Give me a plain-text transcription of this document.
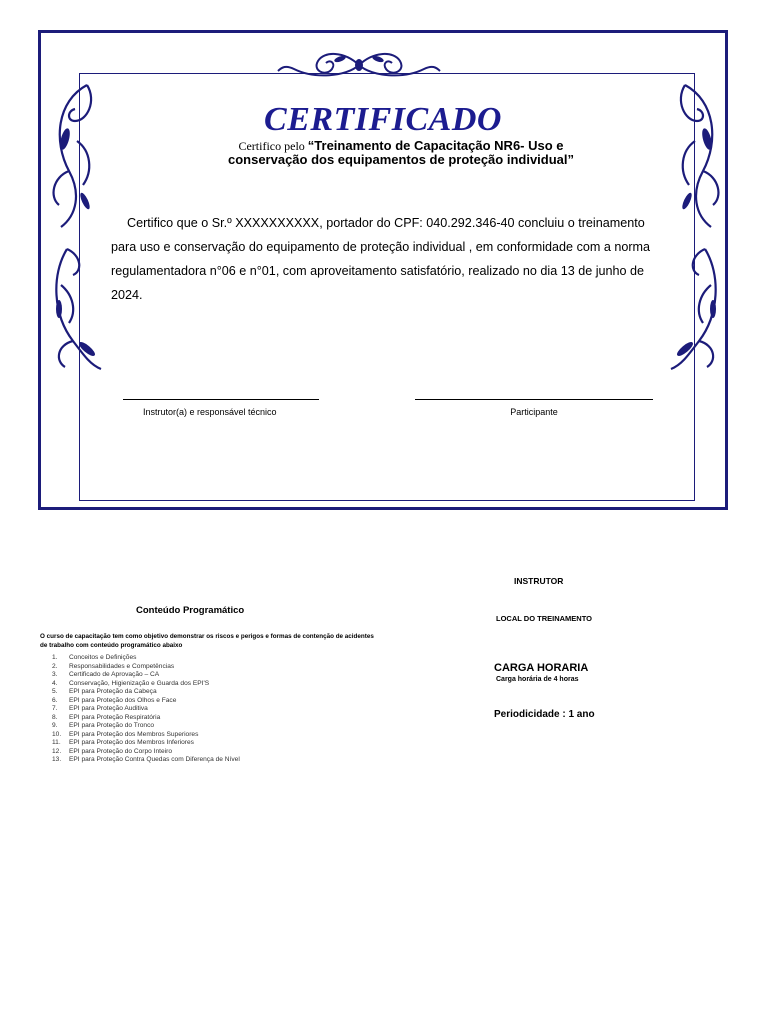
CERTIFICADO
Certifico pelo “Treinamento de Capacitação NR6- Uso e conservação dos equipamentos de proteção individual”

Certifico que o Sr.º XXXXXXXXXX, portador do CPF: 040.292.346-40 concluiu o treinamento para uso e conservação do equipamento de proteção individual , em conformidade com a norma regulamentadora n°06 e n°01, com aproveitamento satisfatório, realizado no dia 13 de junho de 2024.

Instrutor(a) e responsável técnico	Participante
Conteúdo Programático
O curso de capacitação tem como objetivo demonstrar os riscos e perigos e formas de contenção de acidentes de trabalho com conteúdo programático abaixo
1. Conceitos e Definições
2. Responsabilidades e Competências
3. Certificado de Aprovação – CA
4. Conservação, Higienização e Guarda dos EPI'S
5. EPI para Proteção da Cabeça
6. EPI para Proteção dos Olhos e Face
7. EPI para Proteção Auditiva
8. EPI para Proteção Respiratória
9. EPI para Proteção do Tronco
10. EPI para Proteção dos Membros Superiores
11. EPI para Proteção dos Membros Inferiores
12. EPI para Proteção do Corpo Inteiro
13. EPI para Proteção Contra Quedas com Diferença de Nível
INSTRUTOR
LOCAL DO TREINAMENTO
CARGA HORARIA
Carga horária de 4 horas
Periodicidade : 1 ano
